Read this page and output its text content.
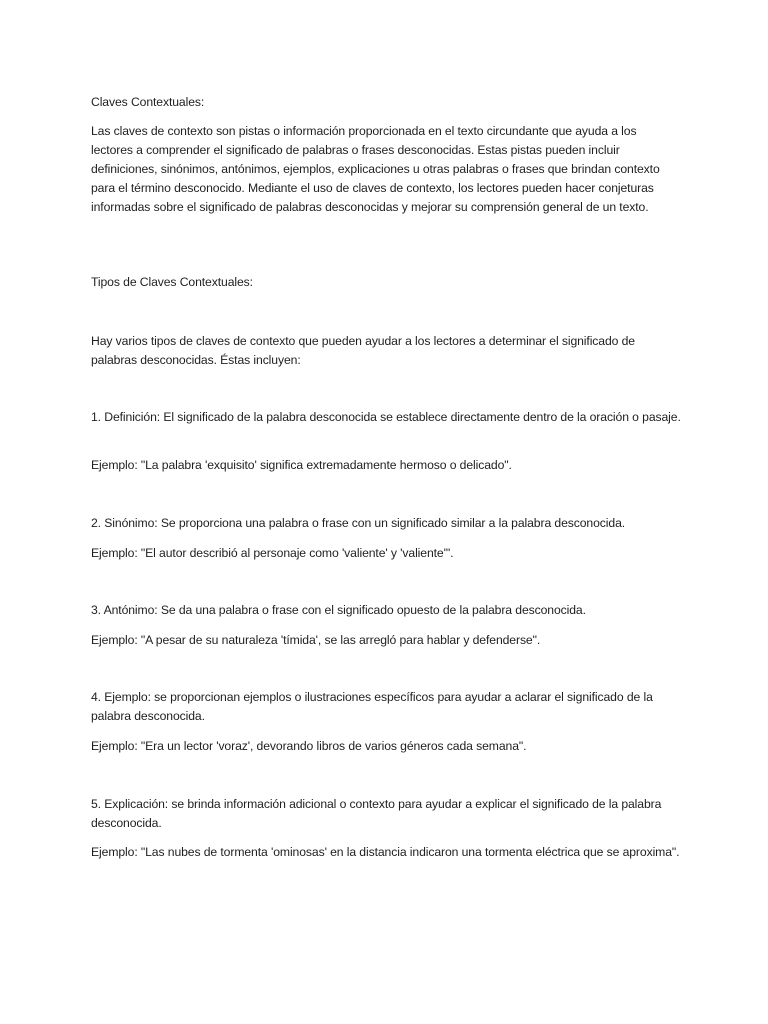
Claves Contextuales:

Las claves de contexto son pistas o información proporcionada en el texto circundante que ayuda a los lectores a comprender el significado de palabras o frases desconocidas. Estas pistas pueden incluir definiciones, sinónimos, antónimos, ejemplos, explicaciones u otras palabras o frases que brindan contexto para el término desconocido. Mediante el uso de claves de contexto, los lectores pueden hacer conjeturas informadas sobre el significado de palabras desconocidas y mejorar su comprensión general de un texto.

Tipos de Claves Contextuales:

Hay varios tipos de claves de contexto que pueden ayudar a los lectores a determinar el significado de palabras desconocidas. Éstas incluyen:

1. Definición: El significado de la palabra desconocida se establece directamente dentro de la oración o pasaje.

Ejemplo: "La palabra 'exquisito' significa extremadamente hermoso o delicado".

2. Sinónimo: Se proporciona una palabra o frase con un significado similar a la palabra desconocida.

Ejemplo: "El autor describió al personaje como 'valiente' y 'valiente'".

3. Antónimo: Se da una palabra o frase con el significado opuesto de la palabra desconocida.

Ejemplo: "A pesar de su naturaleza 'tímida', se las arregló para hablar y defenderse".

4. Ejemplo: se proporcionan ejemplos o ilustraciones específicos para ayudar a aclarar el significado de la palabra desconocida.

Ejemplo: "Era un lector 'voraz', devorando libros de varios géneros cada semana".

5. Explicación: se brinda información adicional o contexto para ayudar a explicar el significado de la palabra desconocida.

Ejemplo: "Las nubes de tormenta 'ominosas' en la distancia indicaron una tormenta eléctrica que se aproxima".
